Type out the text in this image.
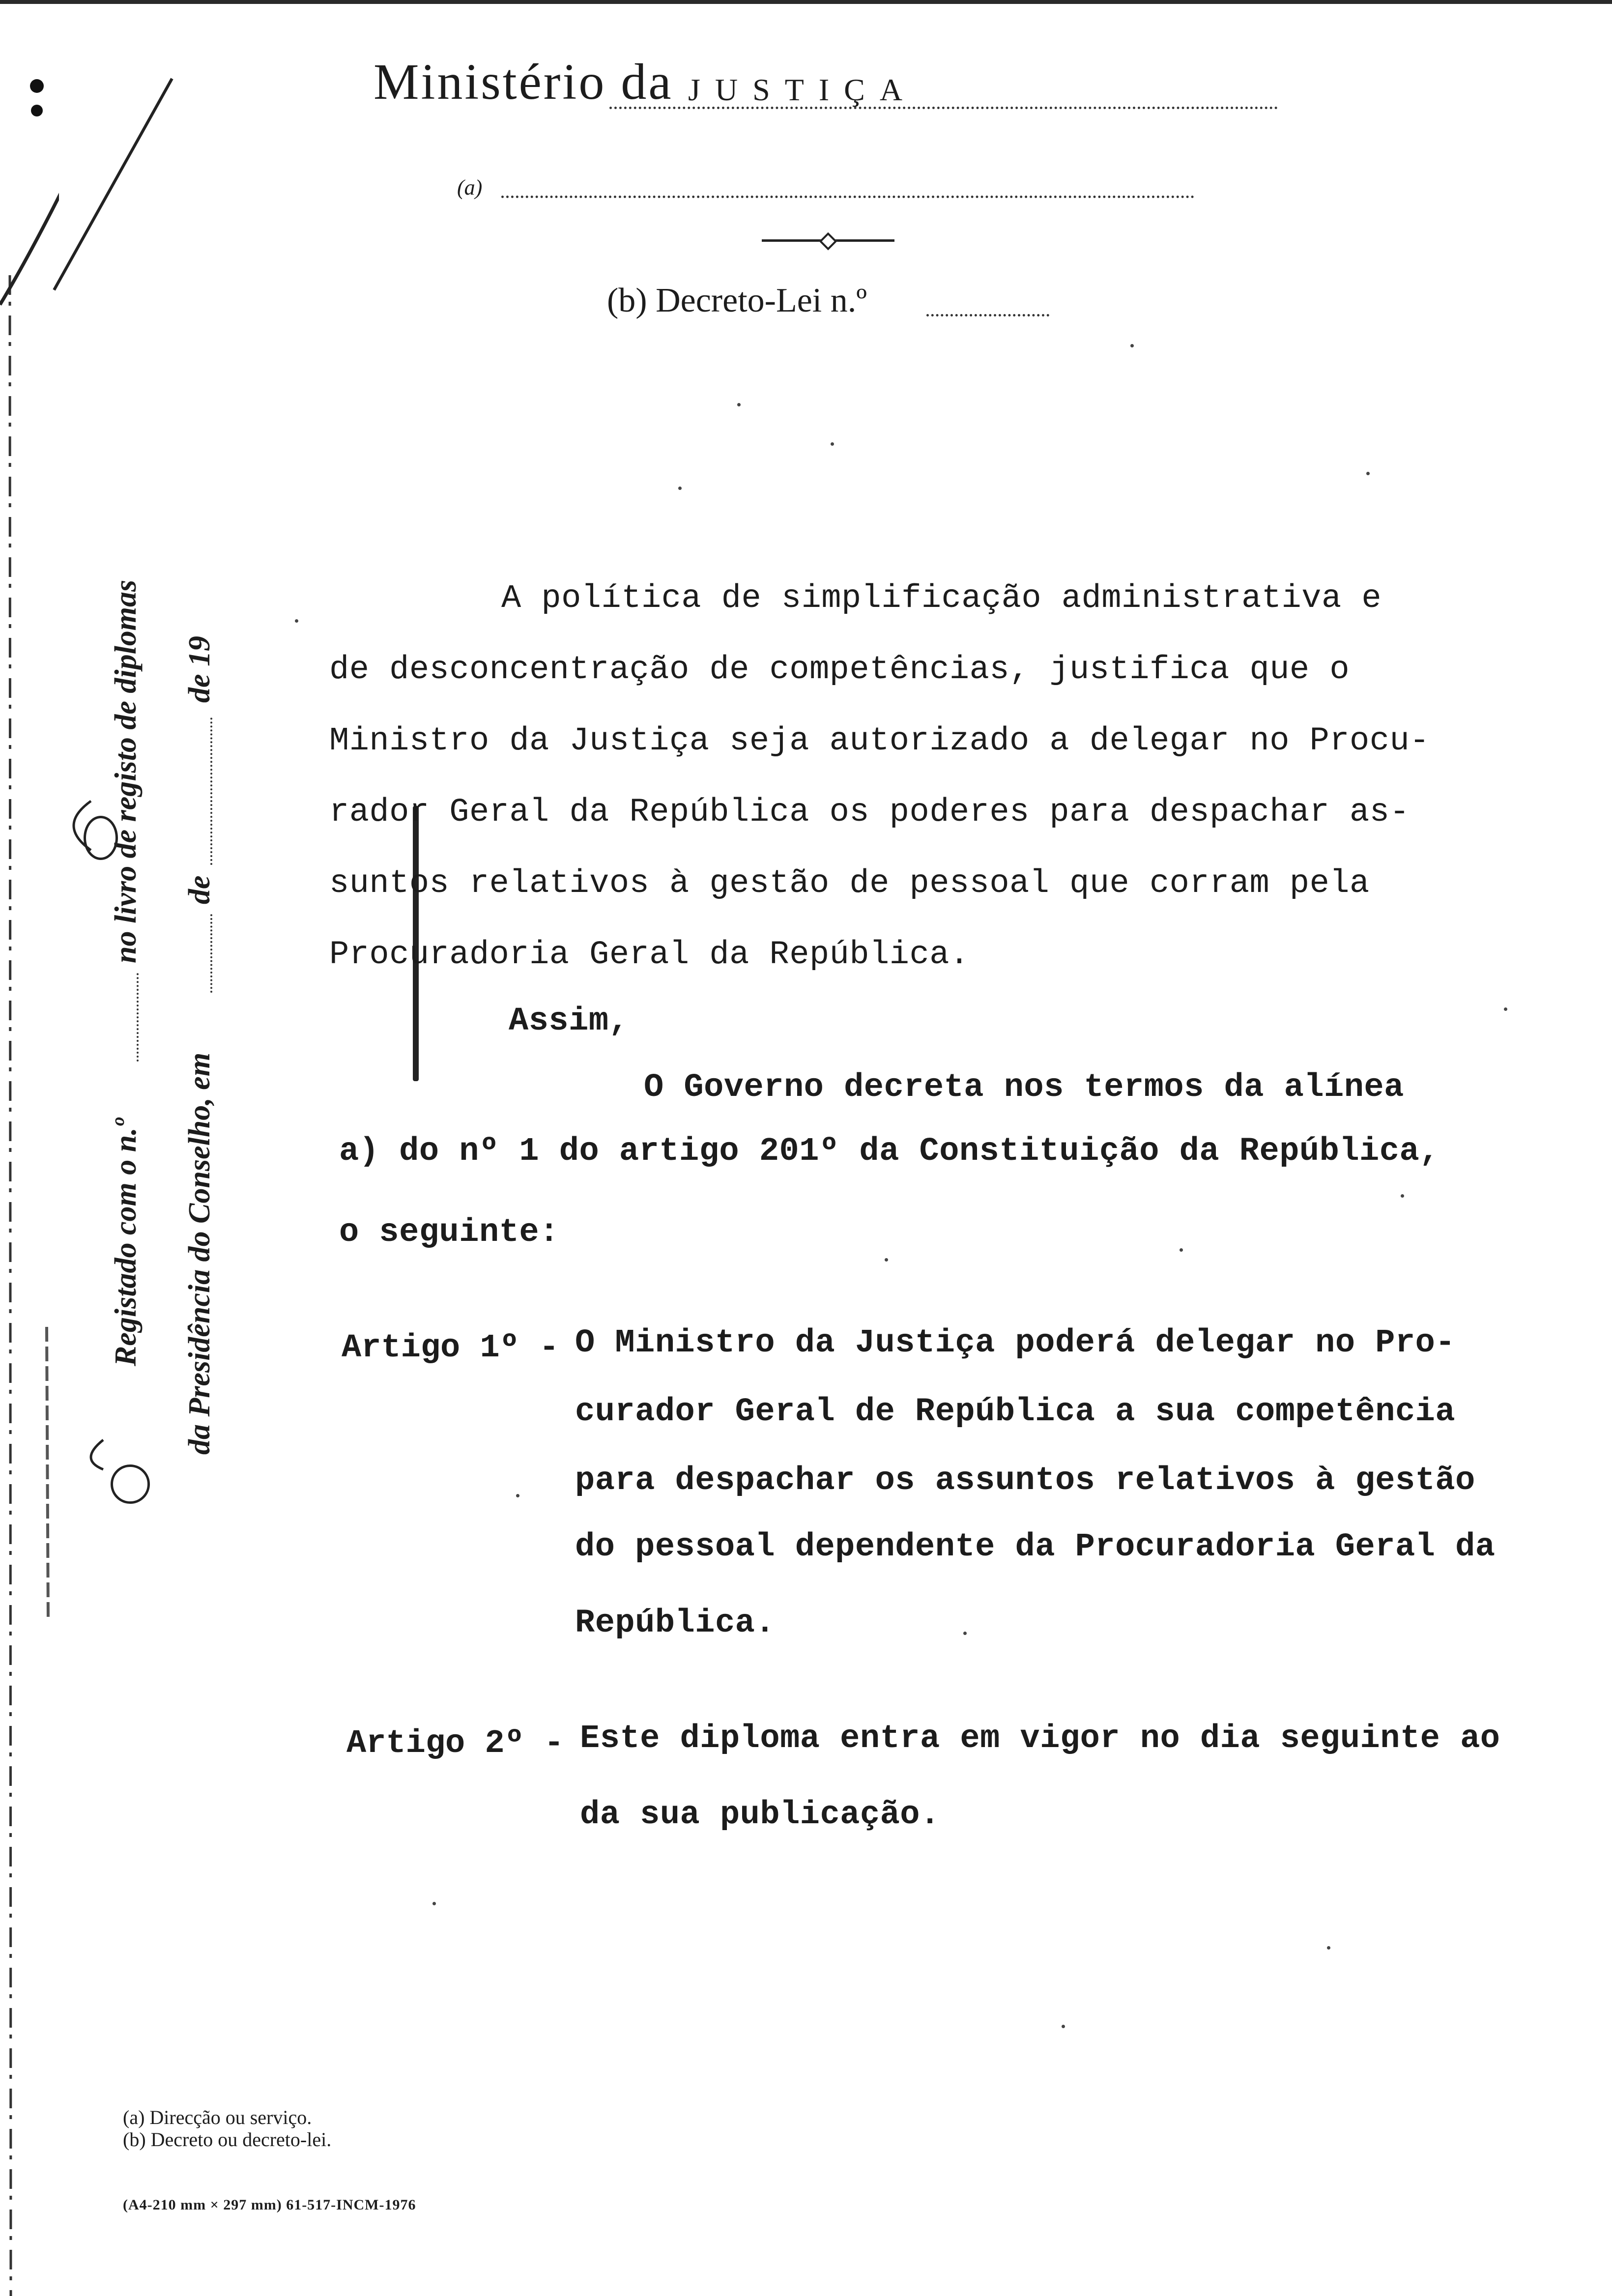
Ministério da JUSTIÇA
(a)
(b) Decreto-Lei n.º
Registado com o n.º
no livro de registo de diplomas
da Presidência do Conselho, em
de
de 19
A política de simplificação administrativa e
de desconcentração de competências, justifica que o
Ministro da Justiça seja autorizado a delegar no Procu-
rador Geral da República os poderes para despachar as-
suntos relativos à gestão de pessoal que corram pela
Procuradoria Geral da República.
Assim,
O Governo decreta nos termos da alínea
a) do nº 1 do artigo 201º da Constituição da República,
o seguinte:
Artigo 1º - O Ministro da Justiça poderá delegar no Pro-
curador Geral de República a sua competência
para despachar os assuntos relativos à gestão
do pessoal dependente da Procuradoria Geral da
República.
Artigo 2º - Este diploma entra em vigor no dia seguinte ao
da sua publicação.
(a) Direcção ou serviço.
(b) Decreto ou decreto-lei.
(A4-210 mm × 297 mm) 61-517-INCM-1976
